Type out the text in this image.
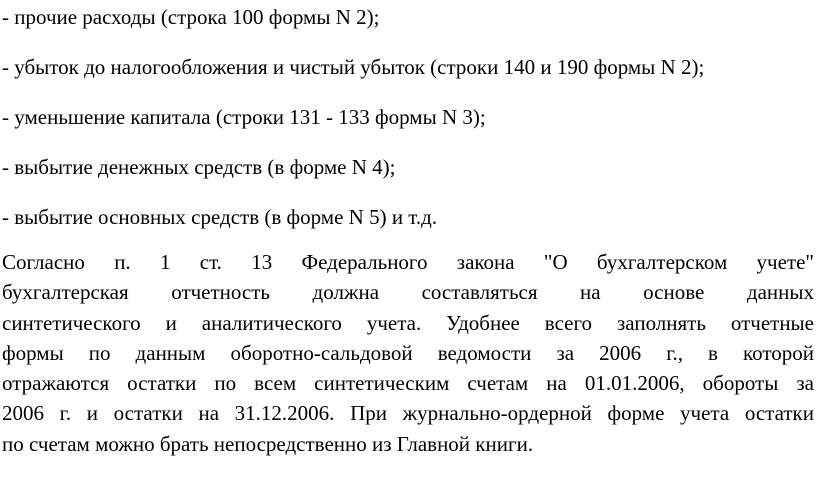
- прочие расходы (строка 100 формы N 2);
- убыток до налогообложения и чистый убыток (строки 140 и 190 формы N 2);
- уменьшение капитала (строки 131 - 133 формы N 3);
- выбытие денежных средств (в форме N 4);
- выбытие основных средств (в форме N 5) и т.д.
Согласно п. 1 ст. 13 Федерального закона "О бухгалтерском учете"
бухгалтерская отчетность должна составляться на основе данных
синтетического и аналитического учета. Удобнее всего заполнять отчетные
формы по данным оборотно-сальдовой ведомости за 2006 г., в которой
отражаются остатки по всем синтетическим счетам на 01.01.2006, обороты за
2006 г. и остатки на 31.12.2006. При журнально-ордерной форме учета остатки
по счетам можно брать непосредственно из Главной книги.
